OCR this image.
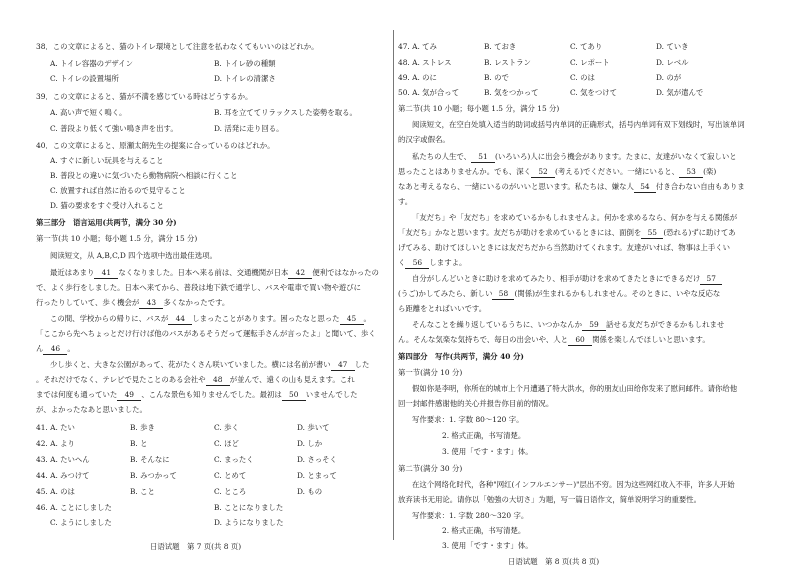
38．この文章によると、猫のトイレ環境として注意を払わなくてもいいのはどれか。
A. トイレ容器のデザイン	B. トイレ砂の種類
C. トイレの設置場所	D. トイレの清潔さ
39．この文章によると、猫が不満を感じている時はどうするか。
A. 高い声で短く鳴く。	B. 耳を立ててリラックスした姿勢を取る。
C. 普段より低くて強い鳴き声を出す。	D. 活発に走り回る。
40．この文章によると、原瀬太朗先生の提案に合っているのはどれか。
A. すぐに新しい玩具を与えること
B. 普段との違いに気づいたら動物病院へ相談に行くこと
C. 放置すれば自然に治るので見守ること
D. 猫の要求をすぐ受け入れること
第三部分　语言运用(共两节，满分 30 分)
第一节(共 10 小题；每小题 1.5 分，满分 15 分)
阅读短文，从 A,B,C,D 四个选项中选出最佳选项。
最近はあまり 41 なくなりました。日本へ来る前は、交通機関が日本 42 便利ではなかったの
で、よく歩行をしました。日本へ来てから、普段は地下鉄で通学し、バスや電車で買い物や遊びに
行ったりしていて、歩く機会が 43 多くなかったです。
この間、学校からの帰りに、バスが 44 しまったことがあります。困ったなと思った 45 。
「ここから先へちょっとだけ行けば他のバスがあるそうだって運転手さんが言ったよ」と聞いて、歩く
ん 46 。
少し歩くと、大きな公園があって、花がたくさん咲いていました。横には名前が書い 47 した
。それだけでなく、テレビで見たことのある会社や 48 が並んで、遠くの山も見えます。これ
までは何度も通っていた 49 、こんな景色も知りませんでした。最初は 50 いませんでした
が、よかったなあと思いました。
41. A. たい	B. 歩き	C. 歩く	D. 歩いて
42. A. より	B. と	C. ほど	D. しか
43. A. たいへん	B. そんなに	C. まったく	D. さっそく
44. A. みつけて	B. みつかって	C. とめて	D. とまって
45. A. のは	B. こと	C. ところ	D. もの
46. A. ことにしました	B. ことになりました
C. ようにしました	D. ようになりました
日语试题　第 7 页(共 8 页)
47. A. てみ	B. ておき	C. てあり	D. ていき
48. A. ストレス	B. レストラン	C. レポート	D. レベル
49. A. のに	B. ので	C. のは	D. のが
50. A. 気が合って	B. 気をつかって	C. 気をつけて	D. 気が遣んで
第二节(共 10 小题；每小题 1.5 分，满分 15 分)
阅读短文，在空白处填入适当的助词或括号内单词的正确形式，括号内单词有双下划线时，写出该单词
的汉字或假名。
私たちの人生で、 51 (いろいろ)人に出会う機会があります。たまに、友達がいなくて寂しいと
思ったことはありませんか。でも、深く 52 (考える)でください。一緒にいると、 53 (楽)
なあと考えるなら、一緒にいるのがいいと思います。私たちは、嫌な人 54 付き合わない自由もありま
す。
「友だち」や「友だち」を求めているかもしれませんよ。何かを求めるなら、何かを与える関係が
「友だち」かなと思います。友だちが助けを求めているときには、面倒を 55 (恐れる)ずに助けてあ
げてみる、助けてほしいときには友だちだから当然助けてくれます。友達がいれば、物事は上手くい
く 56 しますよ。
自分がしんどいときに助けを求めてみたり、相手が助けを求めてきたときにできるだけ 57
(うご)かしてみたら、新しい 58 (関係)が生まれるかもしれません。そのときに、いやな反応な
ら距離をとればいいです。
そんなことを繰り返しているうちに、いつかなんか 59 話せる友だちができるかもしれませ
ん。そんな気楽な気持ちで、毎日の出会いや、人と 60 関係を楽しんでほしいと思います。
第四部分　写作(共两节，满分 40 分)
第一节(满分 10 分)
假如你是李明，你所在的城市上个月遭遇了特大洪水，你的朋友山田给你发来了慰问邮件。请你给他
回一封邮件感谢他的关心并报告你目前的情况。
写作要求：1. 字数 80～120 字。
2. 格式正确，书写清楚。
3. 使用「です・ます」体。
第二节(满分 30 分)
在这个网络化时代，各种"网红(インフルエンサー)"层出不穷。因为这些网红收入不菲，许多人开始
放弃读书无用论。请你以「勉強の大切さ」为题，写一篇日语作文，简单说明学习的重要性。
写作要求：1. 字数 280～320 字。
2. 格式正确，书写清楚。
3. 使用「です・ます」体。
日语试题　第 8 页(共 8 页)
